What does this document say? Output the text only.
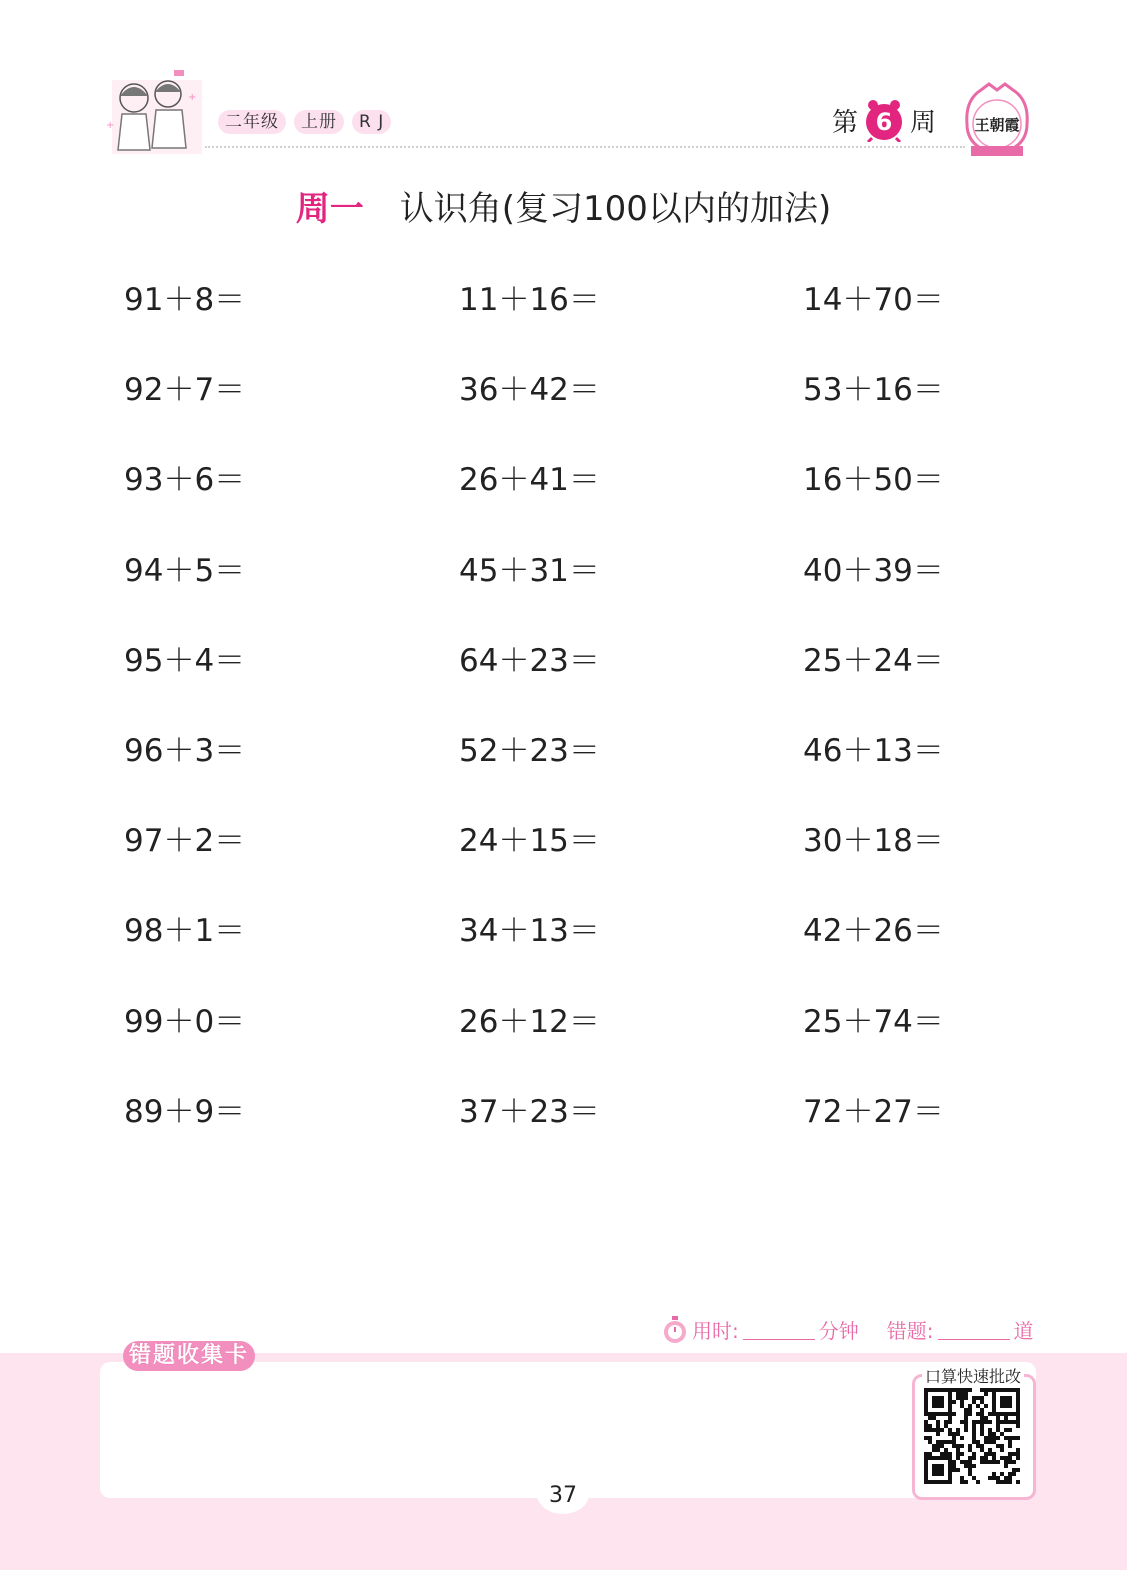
+
+
二年级	上册	R J	第 6 周	王朝霞
周一 认识角(复习100以内的加法)
91＋8＝	11＋16＝	14＋70＝
92＋7＝	36＋42＝	53＋16＝
93＋6＝	26＋41＝	16＋50＝
94＋5＝	45＋31＝	40＋39＝
95＋4＝	64＋23＝	25＋24＝
96＋3＝	52＋23＝	46＋13＝
97＋2＝	24＋15＝	30＋18＝
98＋1＝	34＋13＝	42＋26＝
99＋0＝	26＋12＝	25＋74＝
89＋9＝	37＋23＝	72＋27＝
用时:	分钟 错题:	道
错题收集卡
口算快速批改
37
